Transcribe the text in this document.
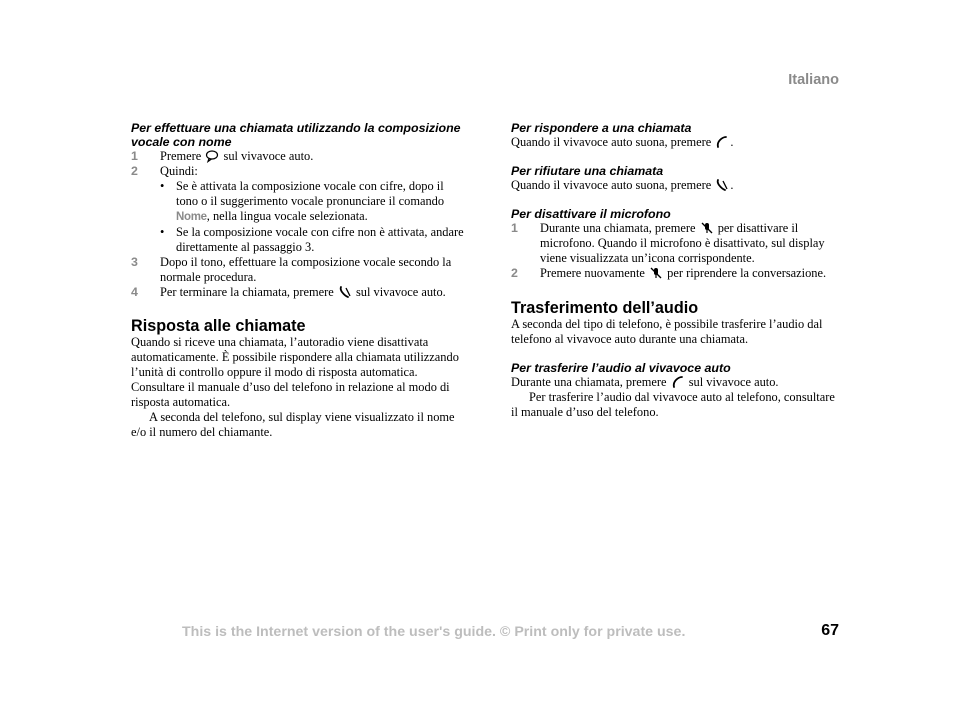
Italiano

Per effettuare una chiamata utilizzando la composizione vocale con nome

1 Premere sul vivavoce auto.
2 Quindi:
• Se è attivata la composizione vocale con cifre, dopo il tono o il suggerimento vocale pronunciare il comando Nome, nella lingua vocale selezionata.
• Se la composizione vocale con cifre non è attivata, andare direttamente al passaggio 3.
3 Dopo il tono, effettuare la composizione vocale secondo la normale procedura.
4 Per terminare la chiamata, premere sul vivavoce auto.

Risposta alle chiamate

Quando si riceve una chiamata, l’autoradio viene disattivata automaticamente. È possibile rispondere alla chiamata utilizzando l’unità di controllo oppure il modo di risposta automatica. Consultare il manuale d’uso del telefono in relazione al modo di risposta automatica.

A seconda del telefono, sul display viene visualizzato il nome e/o il numero del chiamante.

Per rispondere a una chiamata

Quando il vivavoce auto suona, premere .

Per rifiutare una chiamata

Quando il vivavoce auto suona, premere .

Per disattivare il microfono

1 Durante una chiamata, premere per disattivare il microfono. Quando il microfono è disattivato, sul display viene visualizzata un’icona corrispondente.
2 Premere nuovamente per riprendere la conversazione.

Trasferimento dell’audio

A seconda del tipo di telefono, è possibile trasferire l’audio dal telefono al vivavoce auto durante una chiamata.

Per trasferire l’audio al vivavoce auto

Durante una chiamata, premere sul vivavoce auto.

Per trasferire l’audio dal vivavoce auto al telefono, consultare il manuale d’uso del telefono.

This is the Internet version of the user's guide. © Print only for private use.	67
